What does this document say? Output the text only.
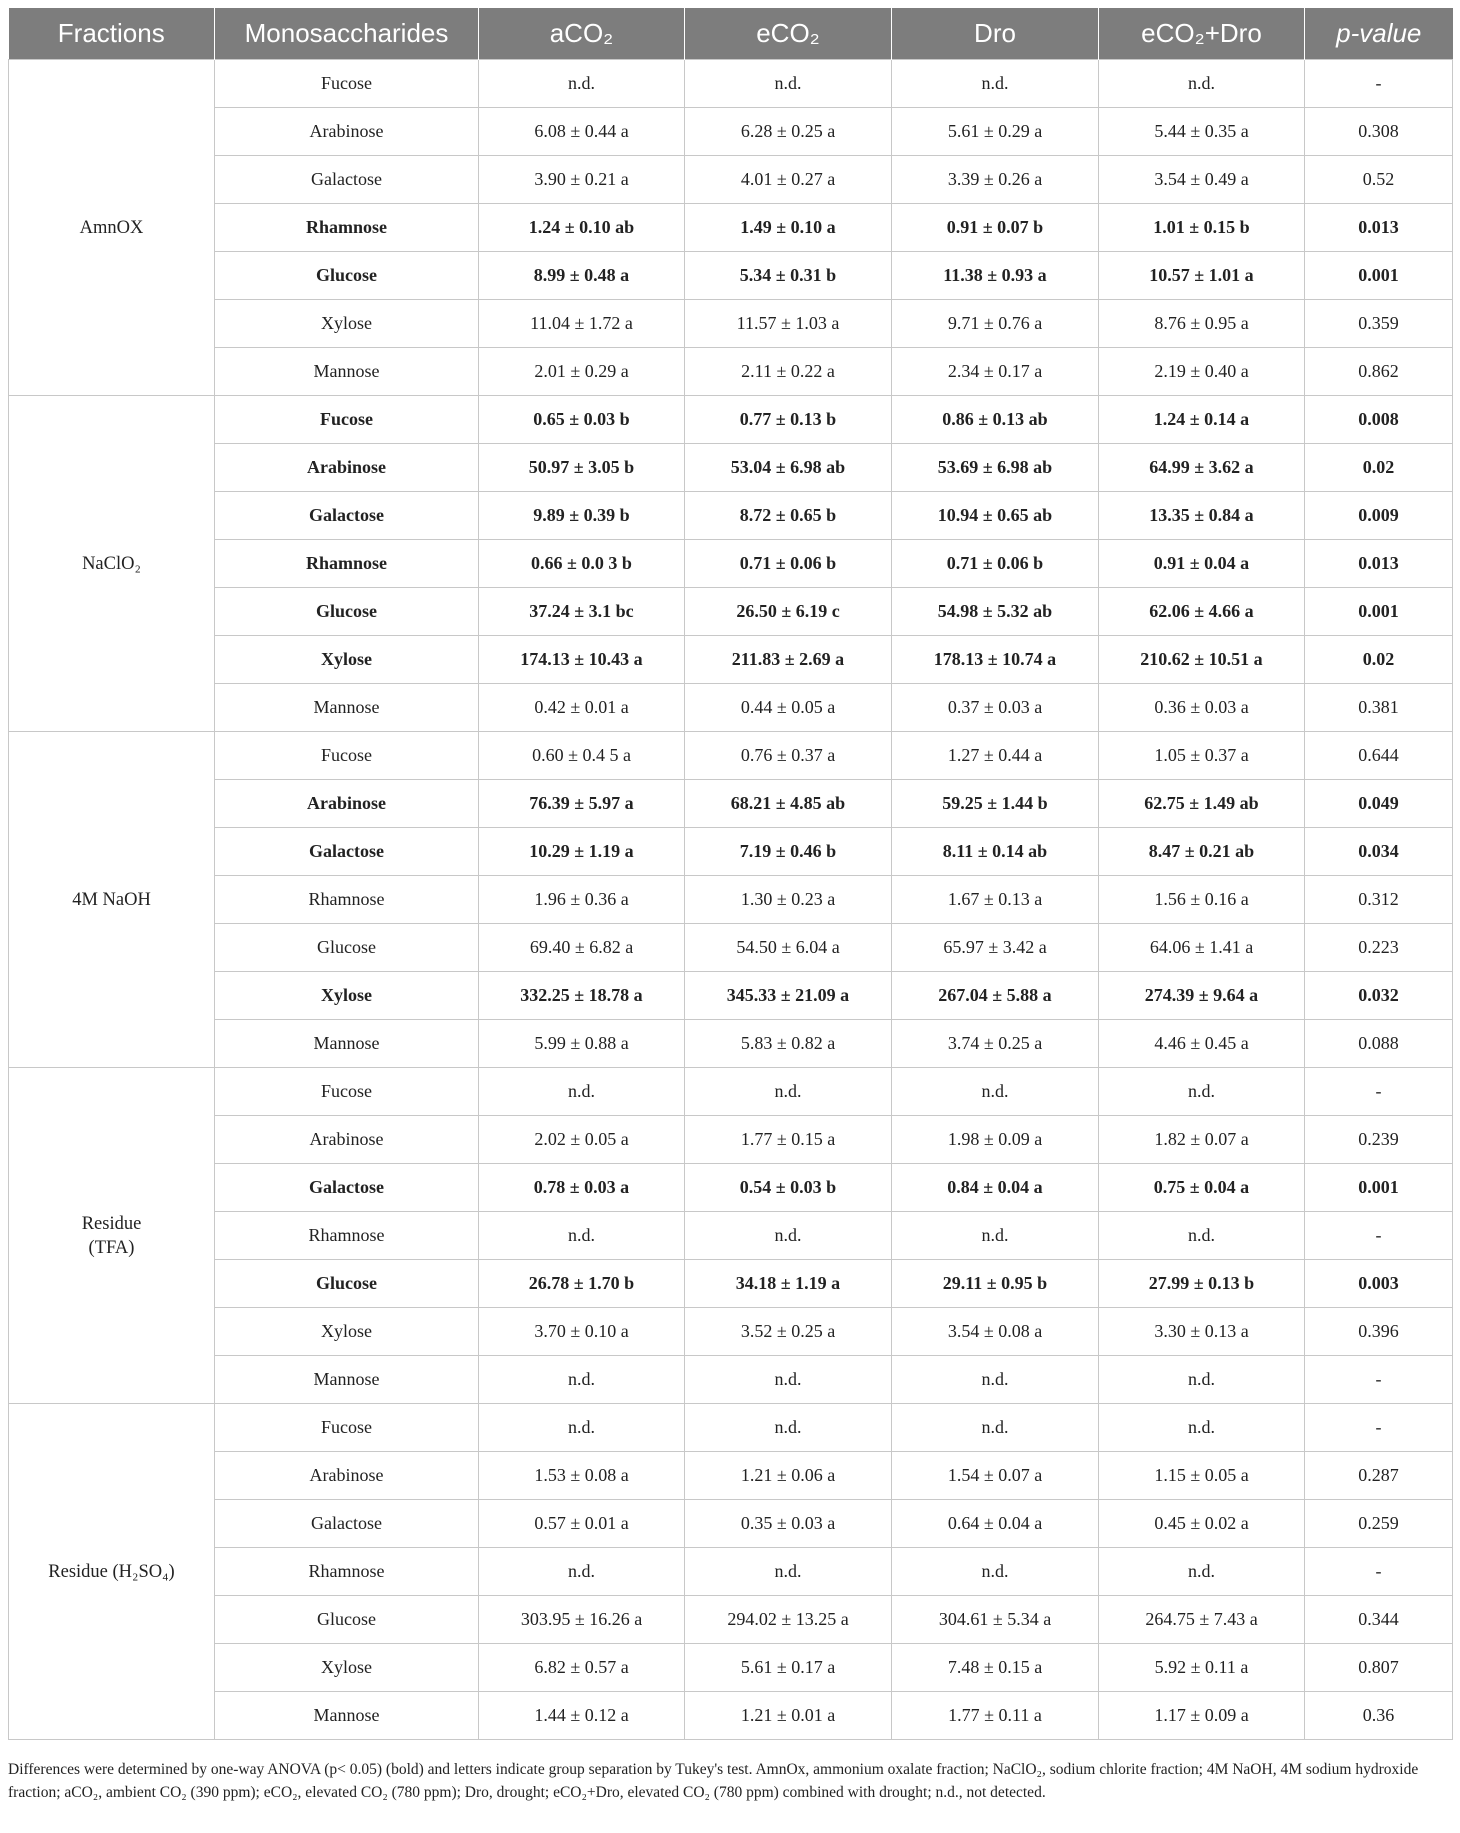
Fractions	Monosaccharides	aCO₂	eCO₂	Dro	eCO₂+Dro	p-value
AmnOX	Fucose	n.d.	n.d.	n.d.	n.d.	-
	Arabinose	6.08 ± 0.44 a	6.28 ± 0.25 a	5.61 ± 0.29 a	5.44 ± 0.35 a	0.308
	Galactose	3.90 ± 0.21 a	4.01 ± 0.27 a	3.39 ± 0.26 a	3.54 ± 0.49 a	0.52
	Rhamnose	1.24 ± 0.10 ab	1.49 ± 0.10 a	0.91 ± 0.07 b	1.01 ± 0.15 b	0.013
	Glucose	8.99 ± 0.48 a	5.34 ± 0.31 b	11.38 ± 0.93 a	10.57 ± 1.01 a	0.001
	Xylose	11.04 ± 1.72 a	11.57 ± 1.03 a	9.71 ± 0.76 a	8.76 ± 0.95 a	0.359
	Mannose	2.01 ± 0.29 a	2.11 ± 0.22 a	2.34 ± 0.17 a	2.19 ± 0.40 a	0.862
NaClO₂	Fucose	0.65 ± 0.03 b	0.77 ± 0.13 b	0.86 ± 0.13 ab	1.24 ± 0.14 a	0.008
	Arabinose	50.97 ± 3.05 b	53.04 ± 6.98 ab	53.69 ± 6.98 ab	64.99 ± 3.62 a	0.02
	Galactose	9.89 ± 0.39 b	8.72 ± 0.65 b	10.94 ± 0.65 ab	13.35 ± 0.84 a	0.009
	Rhamnose	0.66 ± 0.0 3 b	0.71 ± 0.06 b	0.71 ± 0.06 b	0.91 ± 0.04 a	0.013
	Glucose	37.24 ± 3.1 bc	26.50 ± 6.19 c	54.98 ± 5.32 ab	62.06 ± 4.66 a	0.001
	Xylose	174.13 ± 10.43 a	211.83 ± 2.69 a	178.13 ± 10.74 a	210.62 ± 10.51 a	0.02
	Mannose	0.42 ± 0.01 a	0.44 ± 0.05 a	0.37 ± 0.03 a	0.36 ± 0.03 a	0.381
4M NaOH	Fucose	0.60 ± 0.4 5 a	0.76 ± 0.37 a	1.27 ± 0.44 a	1.05 ± 0.37 a	0.644
	Arabinose	76.39 ± 5.97 a	68.21 ± 4.85 ab	59.25 ± 1.44 b	62.75 ± 1.49 ab	0.049
	Galactose	10.29 ± 1.19 a	7.19 ± 0.46 b	8.11 ± 0.14 ab	8.47 ± 0.21 ab	0.034
	Rhamnose	1.96 ± 0.36 a	1.30 ± 0.23 a	1.67 ± 0.13 a	1.56 ± 0.16 a	0.312
	Glucose	69.40 ± 6.82 a	54.50 ± 6.04 a	65.97 ± 3.42 a	64.06 ± 1.41 a	0.223
	Xylose	332.25 ± 18.78 a	345.33 ± 21.09 a	267.04 ± 5.88 a	274.39 ± 9.64 a	0.032
	Mannose	5.99 ± 0.88 a	5.83 ± 0.82 a	3.74 ± 0.25 a	4.46 ± 0.45 a	0.088
Residue
(TFA)	Fucose	n.d.	n.d.	n.d.	n.d.	-
	Arabinose	2.02 ± 0.05 a	1.77 ± 0.15 a	1.98 ± 0.09 a	1.82 ± 0.07 a	0.239
	Galactose	0.78 ± 0.03 a	0.54 ± 0.03 b	0.84 ± 0.04 a	0.75 ± 0.04 a	0.001
	Rhamnose	n.d.	n.d.	n.d.	n.d.	-
	Glucose	26.78 ± 1.70 b	34.18 ± 1.19 a	29.11 ± 0.95 b	27.99 ± 0.13 b	0.003
	Xylose	3.70 ± 0.10 a	3.52 ± 0.25 a	3.54 ± 0.08 a	3.30 ± 0.13 a	0.396
	Mannose	n.d.	n.d.	n.d.	n.d.	-
Residue (H₂SO₄)	Fucose	n.d.	n.d.	n.d.	n.d.	-
	Arabinose	1.53 ± 0.08 a	1.21 ± 0.06 a	1.54 ± 0.07 a	1.15 ± 0.05 a	0.287
	Galactose	0.57 ± 0.01 a	0.35 ± 0.03 a	0.64 ± 0.04 a	0.45 ± 0.02 a	0.259
	Rhamnose	n.d.	n.d.	n.d.	n.d.	-
	Glucose	303.95 ± 16.26 a	294.02 ± 13.25 a	304.61 ± 5.34 a	264.75 ± 7.43 a	0.344
	Xylose	6.82 ± 0.57 a	5.61 ± 0.17 a	7.48 ± 0.15 a	5.92 ± 0.11 a	0.807
	Mannose	1.44 ± 0.12 a	1.21 ± 0.01 a	1.77 ± 0.11 a	1.17 ± 0.09 a	0.36
Differences were determined by one-way ANOVA (p< 0.05) (bold) and letters indicate group separation by Tukey's test. AmnOx, ammonium oxalate fraction; NaClO₂, sodium chlorite fraction; 4M NaOH, 4M sodium hydroxide fraction; aCO₂, ambient CO₂ (390 ppm); eCO₂, elevated CO₂ (780 ppm); Dro, drought; eCO₂+Dro, elevated CO₂ (780 ppm) combined with drought; n.d., not detected.
